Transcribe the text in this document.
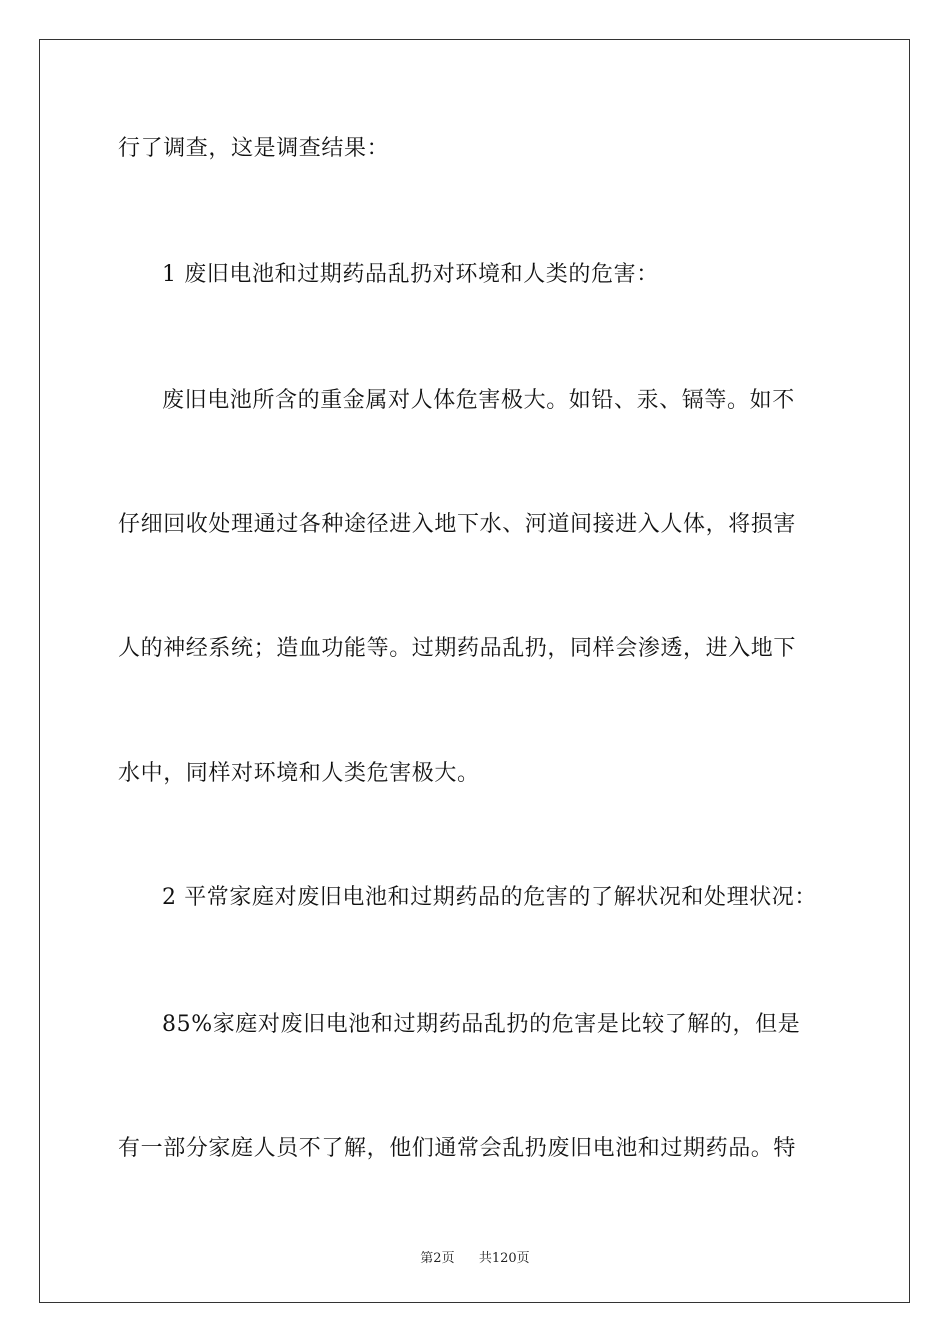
行了调查，这是调查结果：

1 废旧电池和过期药品乱扔对环境和人类的危害：

废旧电池所含的重金属对人体危害极大。如铅、汞、镉等。如不

仔细回收处理通过各种途径进入地下水、河道间接进入人体，将损害

人的神经系统；造血功能等。过期药品乱扔，同样会渗透，进入地下

水中，同样对环境和人类危害极大。

2 平常家庭对废旧电池和过期药品的危害的了解状况和处理状况：

85%家庭对废旧电池和过期药品乱扔的危害是比较了解的，但是

有一部分家庭人员不了解，他们通常会乱扔废旧电池和过期药品。特

第2页 共120页
